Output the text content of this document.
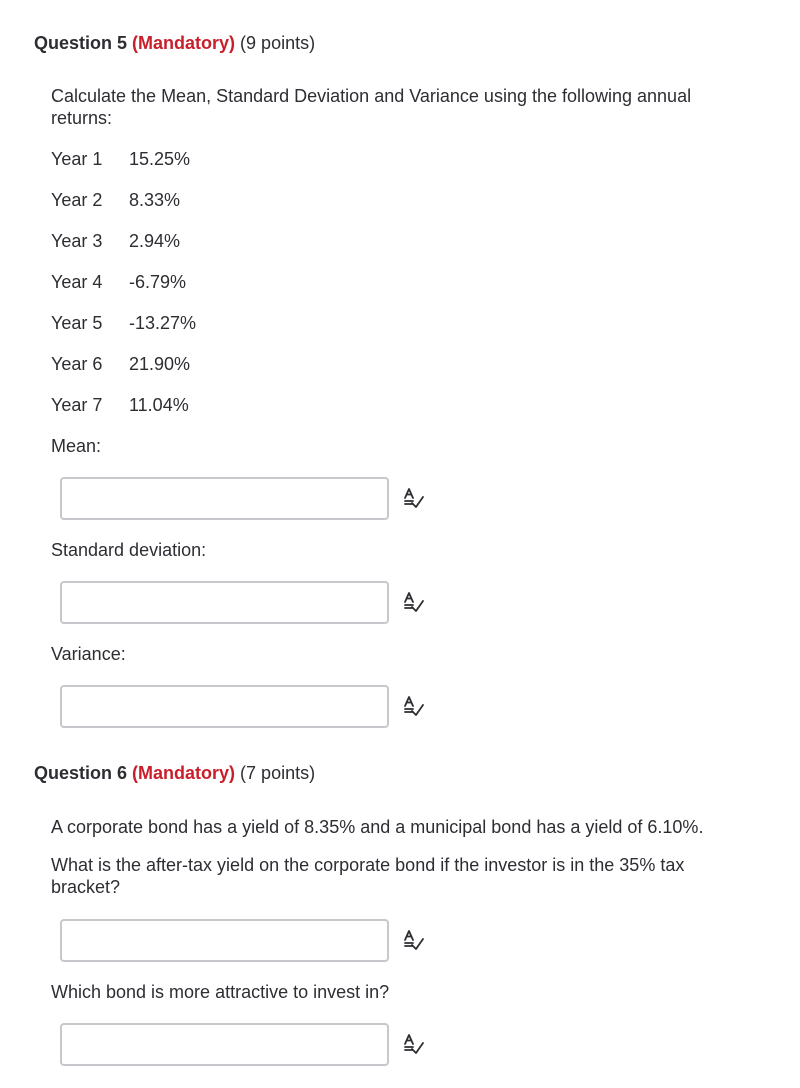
Question 5 (Mandatory) (9 points)
Calculate the Mean, Standard Deviation and Variance using the following annual returns:
Year 1 15.25%
Year 2 8.33%
Year 3 2.94%
Year 4 -6.79%
Year 5 -13.27%
Year 6 21.90%
Year 7 11.04%
Mean:
Standard deviation:
Variance:
Question 6 (Mandatory) (7 points)
A corporate bond has a yield of 8.35% and a municipal bond has a yield of 6.10%.
What is the after-tax yield on the corporate bond if the investor is in the 35% tax bracket?
Which bond is more attractive to invest in?
